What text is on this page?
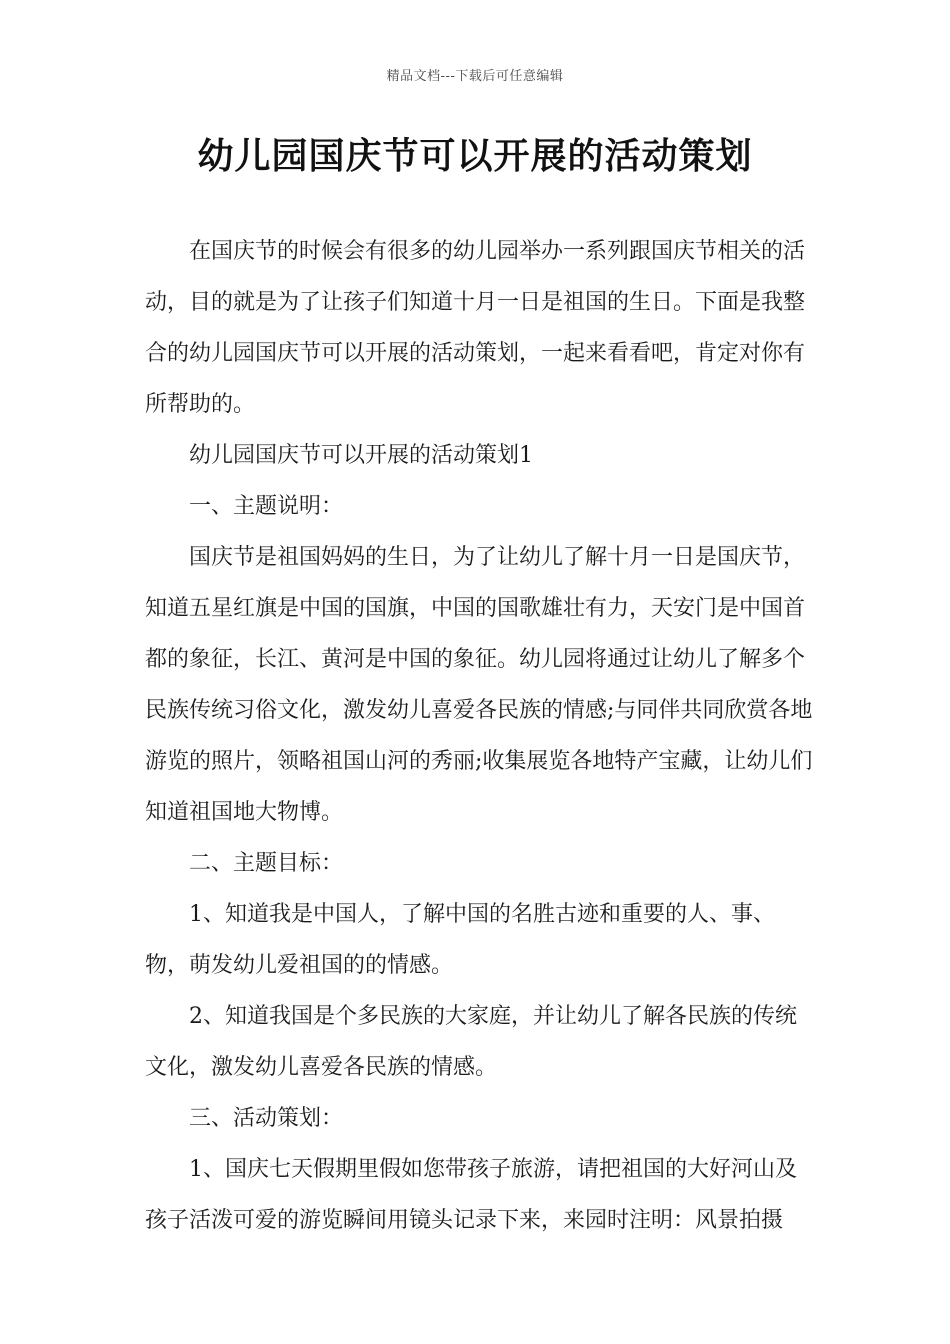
精品文档---下载后可任意编辑
幼儿园国庆节可以开展的活动策划

在国庆节的时候会有很多的幼儿园举办一系列跟国庆节相关的活动，目的就是为了让孩子们知道十月一日是祖国的生日。下面是我整合的幼儿园国庆节可以开展的活动策划，一起来看看吧，肯定对你有所帮助的。

幼儿园国庆节可以开展的活动策划1

一、主题说明：

国庆节是祖国妈妈的生日，为了让幼儿了解十月一日是国庆节，知道五星红旗是中国的国旗，中国的国歌雄壮有力，天安门是中国首都的象征，长江、黄河是中国的象征。幼儿园将通过让幼儿了解多个民族传统习俗文化，激发幼儿喜爱各民族的情感;与同伴共同欣赏各地游览的照片，领略祖国山河的秀丽;收集展览各地特产宝藏，让幼儿们知道祖国地大物博。

二、主题目标：

1、知道我是中国人，了解中国的名胜古迹和重要的人、事、物，萌发幼儿爱祖国的的情感。

2、知道我国是个多民族的大家庭，并让幼儿了解各民族的传统文化，激发幼儿喜爱各民族的情感。

三、活动策划：

1、国庆七天假期里假如您带孩子旅游，请把祖国的大好河山及孩子活泼可爱的游览瞬间用镜头记录下来，来园时注明：风景拍摄
